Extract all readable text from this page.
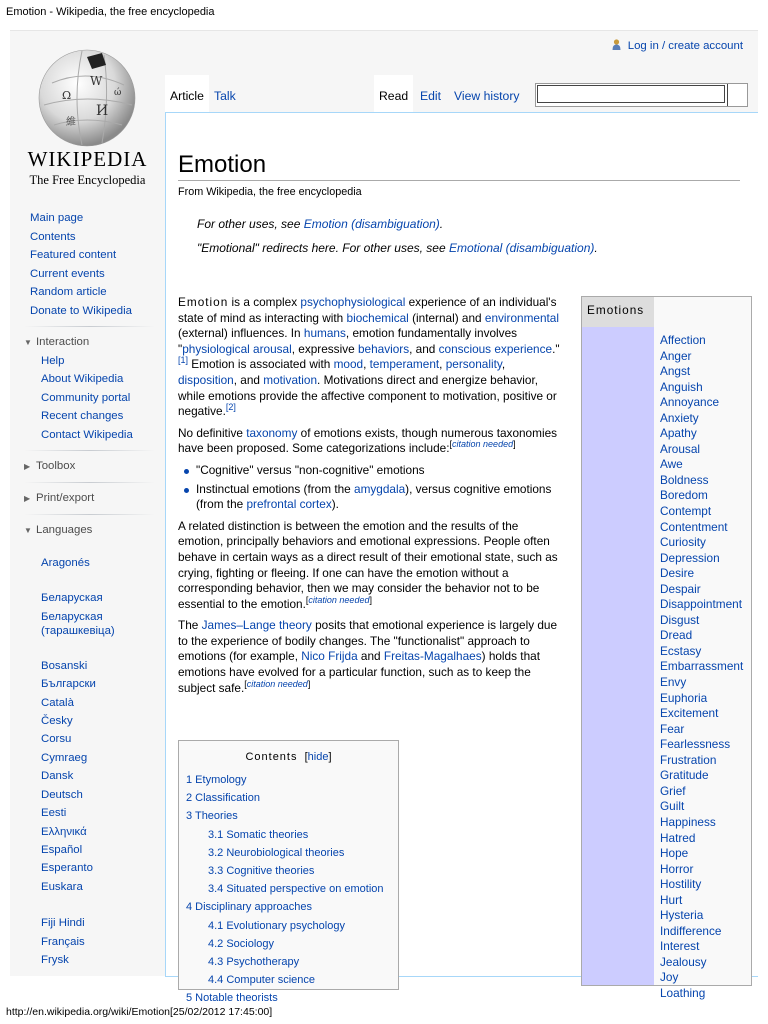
Emotion - Wikipedia, the free encyclopedia
W
Ω
И
維
ώ
WIKIPEDIA
The Free Encyclopedia
Log in / create account
Article Talk	Read Edit	View history
Main page
Contents
Featured content
Current events
Random article
Donate to Wikipedia
▼ Interaction
Help
About Wikipedia
Community portal
Recent changes
Contact Wikipedia
▶ Toolbox
▶ Print/export
▼ Languages
Aragonés
Беларуская
Беларуская
(тарашкевіца)
Bosanski
Български
Català
Česky
Corsu
Cymraeg
Dansk
Deutsch
Eesti
Ελληνικά
Español
Esperanto
Euskara
Fiji Hindi
Français
Frysk
Emotion
From Wikipedia, the free encyclopedia
For other uses, see Emotion (disambiguation).
"Emotional" redirects here. For other uses, see Emotional (disambiguation).

Emotion is a complex psychophysiological experience of an individual's state of mind as interacting with biochemical (internal) and environmental (external) influences. In humans, emotion fundamentally involves "physiological arousal, expressive behaviors, and conscious experience."[1] Emotion is associated with mood, temperament, personality, disposition, and motivation. Motivations direct and energize behavior, while emotions provide the affective component to motivation, positive or negative.[2]

No definitive taxonomy of emotions exists, though numerous taxonomies have been proposed. Some categorizations include:[citation needed]

"Cognitive" versus "non-cognitive" emotions
Instinctual emotions (from the amygdala), versus cognitive emotions (from the prefrontal cortex).

A related distinction is between the emotion and the results of the emotion, principally behaviors and emotional expressions. People often behave in certain ways as a direct result of their emotional state, such as crying, fighting or fleeing. If one can have the emotion without a corresponding behavior, then we may consider the behavior not to be essential to the emotion.[citation needed]

The James–Lange theory posits that emotional experience is largely due to the experience of bodily changes. The "functionalist" approach to emotions (for example, Nico Frijda and Freitas-Magalhaes) holds that emotions have evolved for a particular function, such as to keep the subject safe.[citation needed]

Contents  [hide]
1 Etymology
2 Classification
3 Theories
3.1 Somatic theories
3.2 Neurobiological theories
3.3 Cognitive theories
3.4 Situated perspective on emotion
4 Disciplinary approaches
4.1 Evolutionary psychology
4.2 Sociology
4.3 Psychotherapy
4.4 Computer science
5 Notable theorists
Emotions
Affection
Anger
Angst
Anguish
Annoyance
Anxiety
Apathy
Arousal
Awe
Boldness
Boredom
Contempt
Contentment
Curiosity
Depression
Desire
Despair
Disappointment
Disgust
Dread
Ecstasy
Embarrassment
Envy
Euphoria
Excitement
Fear
Fearlessness
Frustration
Gratitude
Grief
Guilt
Happiness
Hatred
Hope
Horror
Hostility
Hurt
Hysteria
Indifference
Interest
Jealousy
Joy
Loathing
http://en.wikipedia.org/wiki/Emotion[25/02/2012 17:45:00]
